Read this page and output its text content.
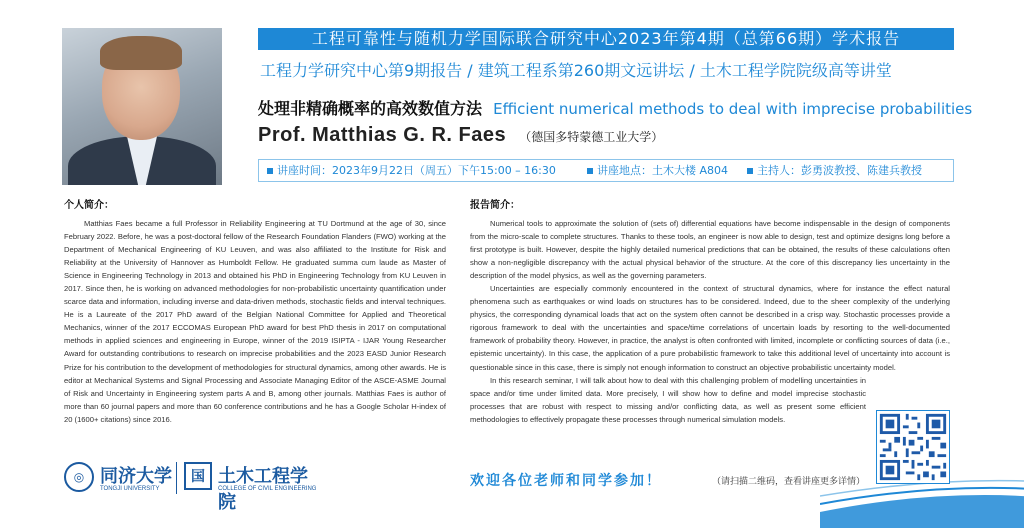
工程可靠性与随机力学国际联合研究中心2023年第4期（总第66期）学术报告
工程力学研究中心第9期报告 / 建筑工程系第260期文远讲坛 / 土木工程学院院级高等讲堂
处理非精确概率的高效数值方法 Efficient numerical methods to deal with imprecise probabilities
Prof. Matthias G. R. Faes （德国多特蒙德工业大学）
讲座时间：2023年9月22日（周五）下午15:00 – 16:30	讲座地点：土木大楼 A804	主持人：彭勇波教授、陈建兵教授
个人简介：

Matthias Faes became a full Professor in Reliability Engineering at TU Dortmund at the age of 30, since February 2022. Before, he was a post-doctoral fellow of the Research Foundation Flanders (FWO) working at the Department of Mechanical Engineering of KU Leuven, and was also affiliated to the Institute for Risk and Reliability at the University of Hannover as Humboldt Fellow. He graduated summa cum laude as Master of Science in Engineering Technology in 2013 and obtained his PhD in Engineering Technology from KU Leuven in 2017. Since then, he is working on advanced methodologies for non-probabilistic uncertainty quantification under scarce data and information, including inverse and data-driven methods, stochastic fields and interval techniques. He is a Laureate of the 2017 PhD award of the Belgian National Committee for Applied and Theoretical Mechanics, winner of the 2017 ECCOMAS European PhD award for best PhD thesis in 2017 on computational methods in applied sciences and engineering in Europe, winner of the 2019 ISIPTA - IJAR Young Researcher Award for outstanding contributions to research on imprecise probabilities and the 2023 EASD Junior Research Prize for his contribution to the development of methodologies for structural dynamics, among other awards. He is editor at Mechanical Systems and Signal Processing and Associate Managing Editor of the ASCE-ASME Journal of Risk and Uncertainty in Engineering system parts A and B, among other journals. Matthias Faes is author of more than 60 journal papers and more than 60 conference contributions and he has a Google Scholar H-index of 20 (1600+ citations) since 2016.

报告简介：

Numerical tools to approximate the solution of (sets of) differential equations have become indispensable in the design of components from the micro-scale to complete structures. Thanks to these tools, an engineer is now able to design, test and optimize designs long before a first prototype is built. However, despite the highly detailed numerical predictions that can be obtained, the results of these calculations often show a non-negligible discrepancy with the actual physical behavior of the structure. At the core of this discrepancy lies uncertainty in the description of the model physics, as well as the governing parameters.

Uncertainties are especially commonly encountered in the context of structural dynamics, where for instance the effect natural phenomena such as earthquakes or wind loads on structures has to be considered. Indeed, due to the sheer complexity of the underlying physics, the corresponding dynamical loads that act on the system often cannot be described in a crisp way. Stochastic processes provide a rigorous framework to deal with the uncertainties and space/time correlations of uncertain loads by resorting to the well-documented framework of probability theory. However, in practice, the analyst is often confronted with limited, incomplete or conflicting sources of data (i.e., epistemic uncertainty). In this case, the application of a pure probabilistic framework to take this additional level of uncertainty into account is questionable since in this case, there is simply not enough information to construct an objective probabilistic uncertainty model.

In this research seminar, I will talk about how to deal with this challenging problem of modelling uncertainties in space and/or time under limited data. More precisely, I will show how to define and model imprecise stochastic processes that are robust with respect to missing and/or conflicting data, as well as present some efficient methodologies to effectively propagate these processes through numerical simulation models.

◎ 同济大学
TONGJI UNIVERSITY
国 土木工程学院
COLLEGE OF CIVIL ENGINEERING	欢迎各位老师和同学参加！	（请扫描二维码，查看讲座更多详情）
